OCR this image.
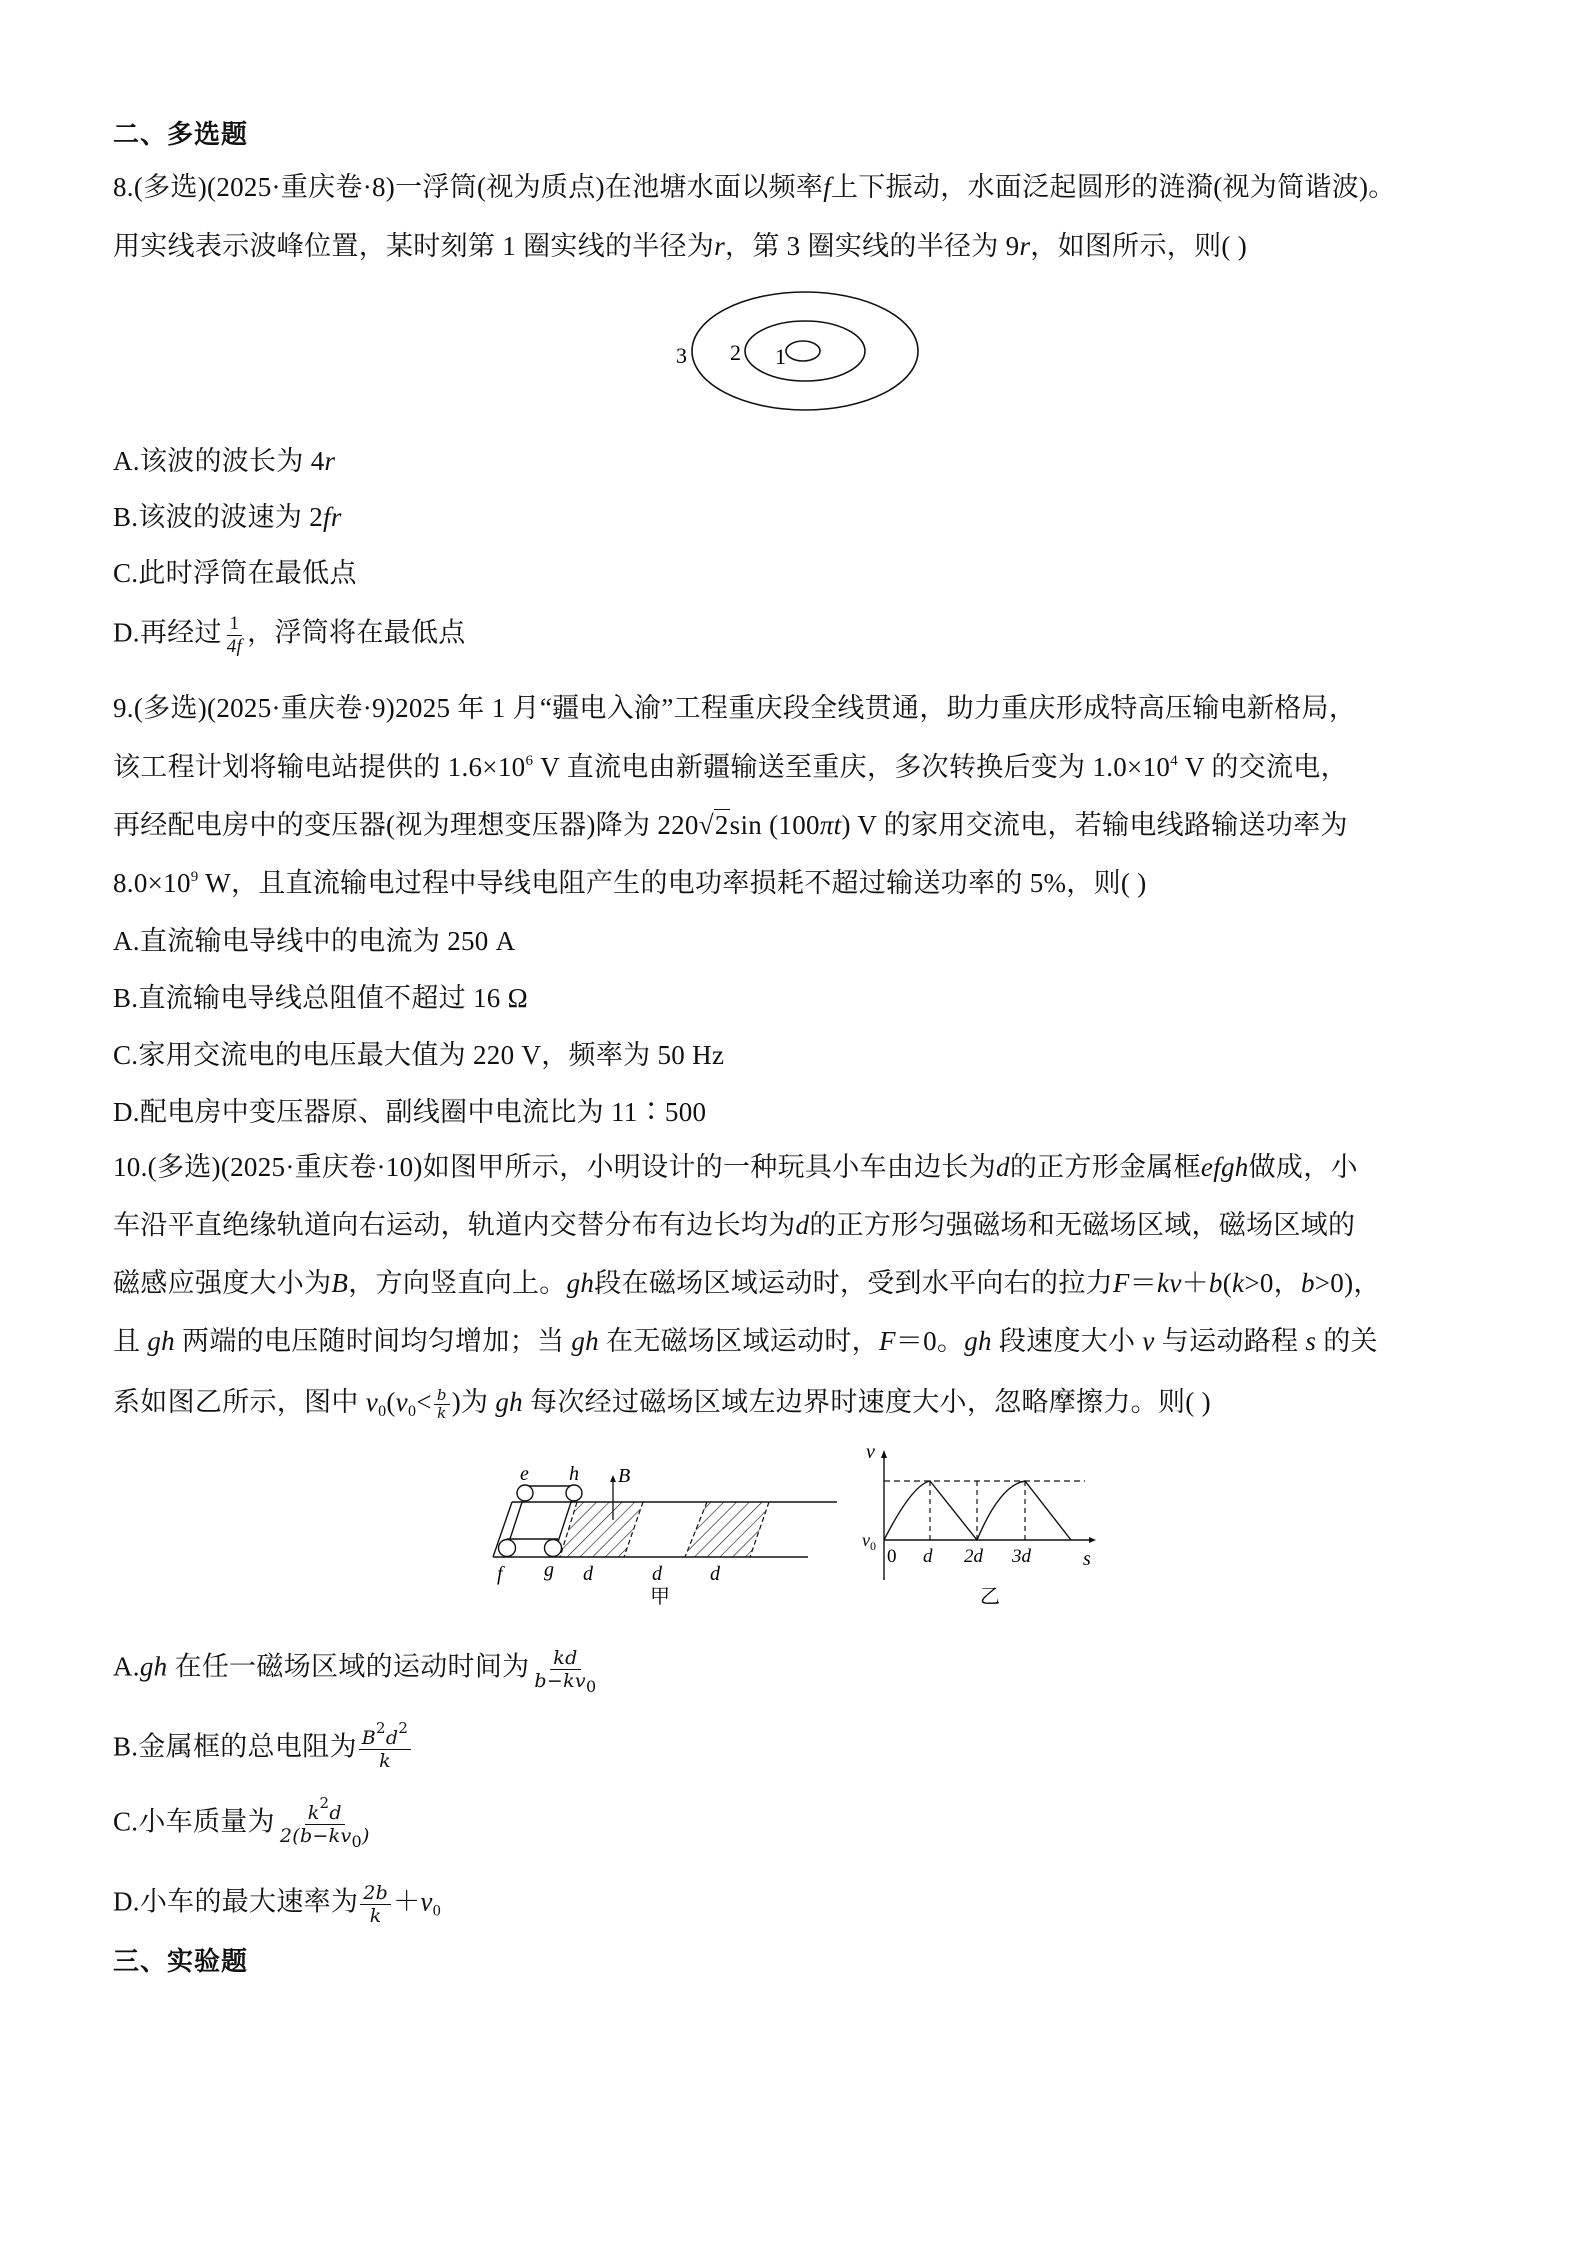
二、多选题
8.(多选)(2025·重庆卷·8)一浮筒(视为质点)在池塘水面以频率f上下振动，水面泛起圆形的涟漪(视为简谐波)。
用实线表示波峰位置，某时刻第 1 圈实线的半径为r，第 3 圈实线的半径为 9r，如图所示，则( )
3 2 1
A.该波的波长为 4r
B.该波的波速为 2fr
C.此时浮筒在最低点
D.再经过 $\frac{1}{4f}$ ，浮筒将在最低点
9.(多选)(2025·重庆卷·9)2025 年 1 月“疆电入渝”工程重庆段全线贯通，助力重庆形成特高压输电新格局，
该工程计划将输电站提供的 $1.6\times 10^6$ V 直流电由新疆输送至重庆，多次转换后变为 $1.0\times 10^4$ V 的交流电，
再经配电房中的变压器(视为理想变压器)降为 220√2sin (100πt) V 的家用交流电，若输电线路输送功率为
$8.0\times 10^9$ W，且直流输电过程中导线电阻产生的电功率损耗不超过输送功率的 5%，则( )
A.直流输电导线中的电流为 250 A
B.直流输电导线总阻值不超过 16 Ω
C.家用交流电的电压最大值为 220 V，频率为 50 Hz
D.配电房中变压器原、副线圈中电流比为 11∶500
10.(多选)(2025·重庆卷·10)如图甲所示，小明设计的一种玩具小车由边长为d的正方形金属框efgh做成，小
车沿平直绝缘轨道向右运动，轨道内交替分布有边长均为d的正方形匀强磁场和无磁场区域，磁场区域的
磁感应强度大小为B，方向竖直向上。gh段在磁场区域运动时，受到水平向右的拉力F＝kv＋b(k>0，b>0)，
且 gh 两端的电压随时间均匀增加；当 gh 在无磁场区域运动时，F＝0。gh 段速度大小 v 与运动路程 s 的关
系如图乙所示，图中 $v_0(v_0< \frac{b}{k}$ )为 gh 每次经过磁场区域左边界时速度大小，忽略摩擦力。则( )
e h B
f g d	d d
甲
v
s
$v_0$ 0 d 2d 3d
乙
A.gh 在任一磁场区域的运动时间为 $\frac{kd}{b-kv_0}$
B.金属框的总电阻为 $\frac{B^2d^2}{k}$
C.小车质量为 $\frac{k^2d}{2(b-kv_0)}$
D.小车的最大速率为 $\frac{2b}{k} +v_0$
三、实验题
